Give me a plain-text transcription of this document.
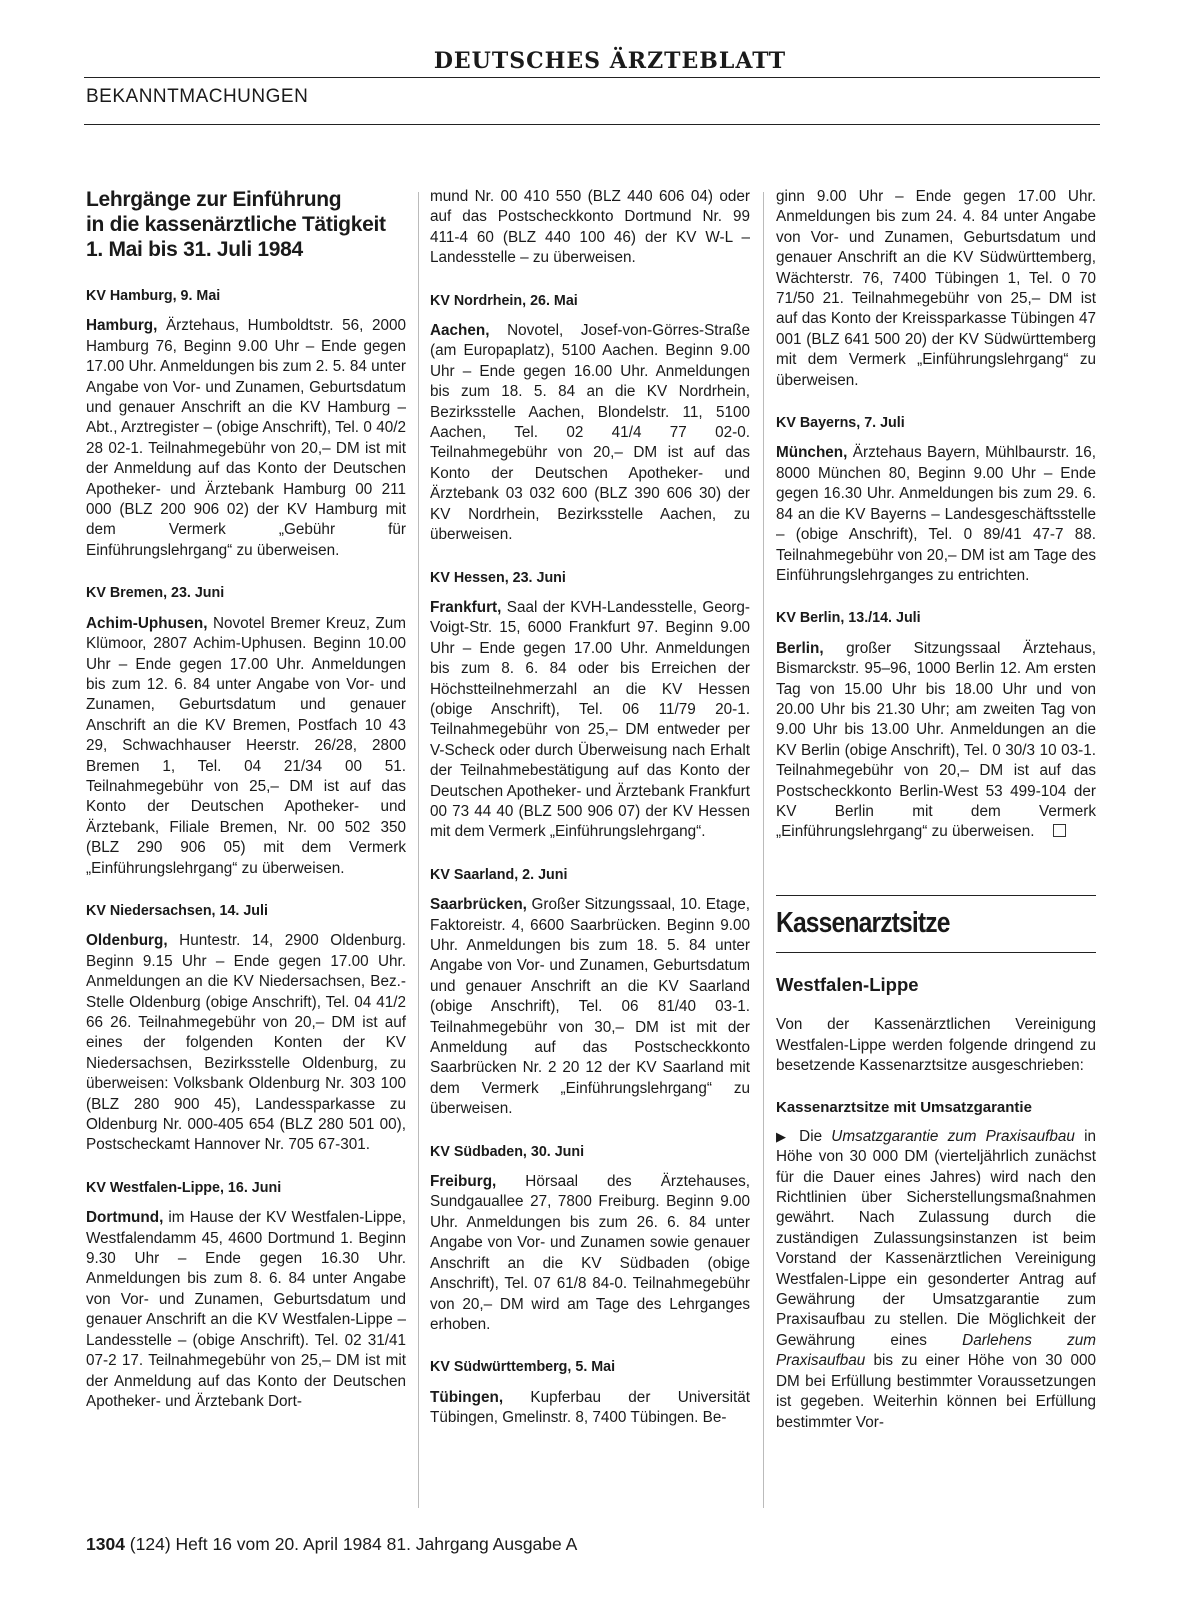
DEUTSCHES ÄRZTEBLATT
BEKANNTMACHUNGEN
Lehrgänge zur Einführung
in die kassenärztliche Tätigkeit
1. Mai bis 31. Juli 1984
KV Hamburg, 9. Mai
Hamburg, Ärztehaus, Humboldtstr. 56, 2000 Hamburg 76, Beginn 9.00 Uhr – Ende gegen 17.00 Uhr. Anmeldungen bis zum 2. 5. 84 unter Angabe von Vor- und Zunamen, Geburtsdatum und genauer Anschrift an die KV Hamburg – Abt., Arztregister – (obige Anschrift), Tel. 0 40/2 28 02-1. Teilnahmegebühr von 20,– DM ist mit der Anmeldung auf das Konto der Deutschen Apotheker- und Ärztebank Hamburg 00 211 000 (BLZ 200 906 02) der KV Hamburg mit dem Vermerk „Gebühr für Einführungslehrgang“ zu überweisen.
KV Bremen, 23. Juni
Achim-Uphusen, Novotel Bremer Kreuz, Zum Klümoor, 2807 Achim-Uphusen. Beginn 10.00 Uhr – Ende gegen 17.00 Uhr. Anmeldungen bis zum 12. 6. 84 unter Angabe von Vor- und Zunamen, Geburtsdatum und genauer Anschrift an die KV Bremen, Postfach 10 43 29, Schwachhauser Heerstr. 26/28, 2800 Bremen 1, Tel. 04 21/34 00 51. Teilnahmegebühr von 25,– DM ist auf das Konto der Deutschen Apotheker- und Ärztebank, Filiale Bremen, Nr. 00 502 350 (BLZ 290 906 05) mit dem Vermerk „Einführungslehrgang“ zu überweisen.
KV Niedersachsen, 14. Juli
Oldenburg, Huntestr. 14, 2900 Oldenburg. Beginn 9.15 Uhr – Ende gegen 17.00 Uhr. Anmeldungen an die KV Niedersachsen, Bez.-Stelle Oldenburg (obige Anschrift), Tel. 04 41/2 66 26. Teilnahmegebühr von 20,– DM ist auf eines der folgenden Konten der KV Niedersachsen, Bezirksstelle Oldenburg, zu überweisen: Volksbank Oldenburg Nr. 303 100 (BLZ 280 900 45), Landessparkasse zu Oldenburg Nr. 000-405 654 (BLZ 280 501 00), Postscheckamt Hannover Nr. 705 67-301.
KV Westfalen-Lippe, 16. Juni
Dortmund, im Hause der KV Westfalen-Lippe, Westfalendamm 45, 4600 Dortmund 1. Beginn 9.30 Uhr – Ende gegen 16.30 Uhr. Anmeldungen bis zum 8. 6. 84 unter Angabe von Vor- und Zunamen, Geburtsdatum und genauer Anschrift an die KV Westfalen-Lippe – Landesstelle – (obige Anschrift). Tel. 02 31/41 07-2 17. Teilnahmegebühr von 25,– DM ist mit der Anmeldung auf das Konto der Deutschen Apotheker- und Ärztebank Dort-
mund Nr. 00 410 550 (BLZ 440 606 04) oder auf das Postscheckkonto Dortmund Nr. 99 411-4 60 (BLZ 440 100 46) der KV W-L – Landesstelle – zu überweisen.
KV Nordrhein, 26. Mai
Aachen, Novotel, Josef-von-Görres-Straße (am Europaplatz), 5100 Aachen. Beginn 9.00 Uhr – Ende gegen 16.00 Uhr. Anmeldungen bis zum 18. 5. 84 an die KV Nordrhein, Bezirksstelle Aachen, Blondelstr. 11, 5100 Aachen, Tel. 02 41/4 77 02-0. Teilnahmegebühr von 20,– DM ist auf das Konto der Deutschen Apotheker- und Ärztebank 03 032 600 (BLZ 390 606 30) der KV Nordrhein, Bezirksstelle Aachen, zu überweisen.
KV Hessen, 23. Juni
Frankfurt, Saal der KVH-Landesstelle, Georg-Voigt-Str. 15, 6000 Frankfurt 97. Beginn 9.00 Uhr – Ende gegen 17.00 Uhr. Anmeldungen bis zum 8. 6. 84 oder bis Erreichen der Höchstteilnehmerzahl an die KV Hessen (obige Anschrift), Tel. 06 11/79 20-1. Teilnahmegebühr von 25,– DM entweder per V-Scheck oder durch Überweisung nach Erhalt der Teilnahmebestätigung auf das Konto der Deutschen Apotheker- und Ärztebank Frankfurt 00 73 44 40 (BLZ 500 906 07) der KV Hessen mit dem Vermerk „Einführungslehrgang“.
KV Saarland, 2. Juni
Saarbrücken, Großer Sitzungssaal, 10. Etage, Faktoreistr. 4, 6600 Saarbrücken. Beginn 9.00 Uhr. Anmeldungen bis zum 18. 5. 84 unter Angabe von Vor- und Zunamen, Geburtsdatum und genauer Anschrift an die KV Saarland (obige Anschrift), Tel. 06 81/40 03-1. Teilnahmegebühr von 30,– DM ist mit der Anmeldung auf das Postscheckkonto Saarbrücken Nr. 2 20 12 der KV Saarland mit dem Vermerk „Einführungslehrgang“ zu überweisen.
KV Südbaden, 30. Juni
Freiburg, Hörsaal des Ärztehauses, Sundgauallee 27, 7800 Freiburg. Beginn 9.00 Uhr. Anmeldungen bis zum 26. 6. 84 unter Angabe von Vor- und Zunamen sowie genauer Anschrift an die KV Südbaden (obige Anschrift), Tel. 07 61/8 84-0. Teilnahmegebühr von 20,– DM wird am Tage des Lehrganges erhoben.
KV Südwürttemberg, 5. Mai
Tübingen, Kupferbau der Universität Tübingen, Gmelinstr. 8, 7400 Tübingen. Be-
ginn 9.00 Uhr – Ende gegen 17.00 Uhr. Anmeldungen bis zum 24. 4. 84 unter Angabe von Vor- und Zunamen, Geburtsdatum und genauer Anschrift an die KV Südwürttemberg, Wächterstr. 76, 7400 Tübingen 1, Tel. 0 70 71/50 21. Teilnahmegebühr von 25,– DM ist auf das Konto der Kreissparkasse Tübingen 47 001 (BLZ 641 500 20) der KV Südwürttemberg mit dem Vermerk „Einführungslehrgang“ zu überweisen.
KV Bayerns, 7. Juli
München, Ärztehaus Bayern, Mühlbaurstr. 16, 8000 München 80, Beginn 9.00 Uhr – Ende gegen 16.30 Uhr. Anmeldungen bis zum 29. 6. 84 an die KV Bayerns – Landesgeschäftsstelle – (obige Anschrift), Tel. 0 89/41 47-7 88. Teilnahmegebühr von 20,– DM ist am Tage des Einführungslehrganges zu entrichten.
KV Berlin, 13./14. Juli
Berlin, großer Sitzungssaal Ärztehaus, Bismarckstr. 95–96, 1000 Berlin 12. Am ersten Tag von 15.00 Uhr bis 18.00 Uhr und von 20.00 Uhr bis 21.30 Uhr; am zweiten Tag von 9.00 Uhr bis 13.00 Uhr. Anmeldungen an die KV Berlin (obige Anschrift), Tel. 0 30/3 10 03-1. Teilnahmegebühr von 20,– DM ist auf das Postscheckkonto Berlin-West 53 499-104 der KV Berlin mit dem Vermerk „Einführungslehrgang“ zu überweisen.
Kassenarztsitze
Westfalen-Lippe
Von der Kassenärztlichen Vereinigung Westfalen-Lippe werden folgende dringend zu besetzende Kassenarztsitze ausgeschrieben:
Kassenarztsitze mit Umsatzgarantie
▶ Die Umsatzgarantie zum Praxisaufbau in Höhe von 30 000 DM (vierteljährlich zunächst für die Dauer eines Jahres) wird nach den Richtlinien über Sicherstellungsmaßnahmen gewährt. Nach Zulassung durch die zuständigen Zulassungsinstanzen ist beim Vorstand der Kassenärztlichen Vereinigung Westfalen-Lippe ein gesonderter Antrag auf Gewährung der Umsatzgarantie zum Praxisaufbau zu stellen. Die Möglichkeit der Gewährung eines Darlehens zum Praxisaufbau bis zu einer Höhe von 30 000 DM bei Erfüllung bestimmter Voraussetzungen ist gegeben. Weiterhin können bei Erfüllung bestimmter Vor-
1304 (124) Heft 16 vom 20. April 1984 81. Jahrgang Ausgabe A
